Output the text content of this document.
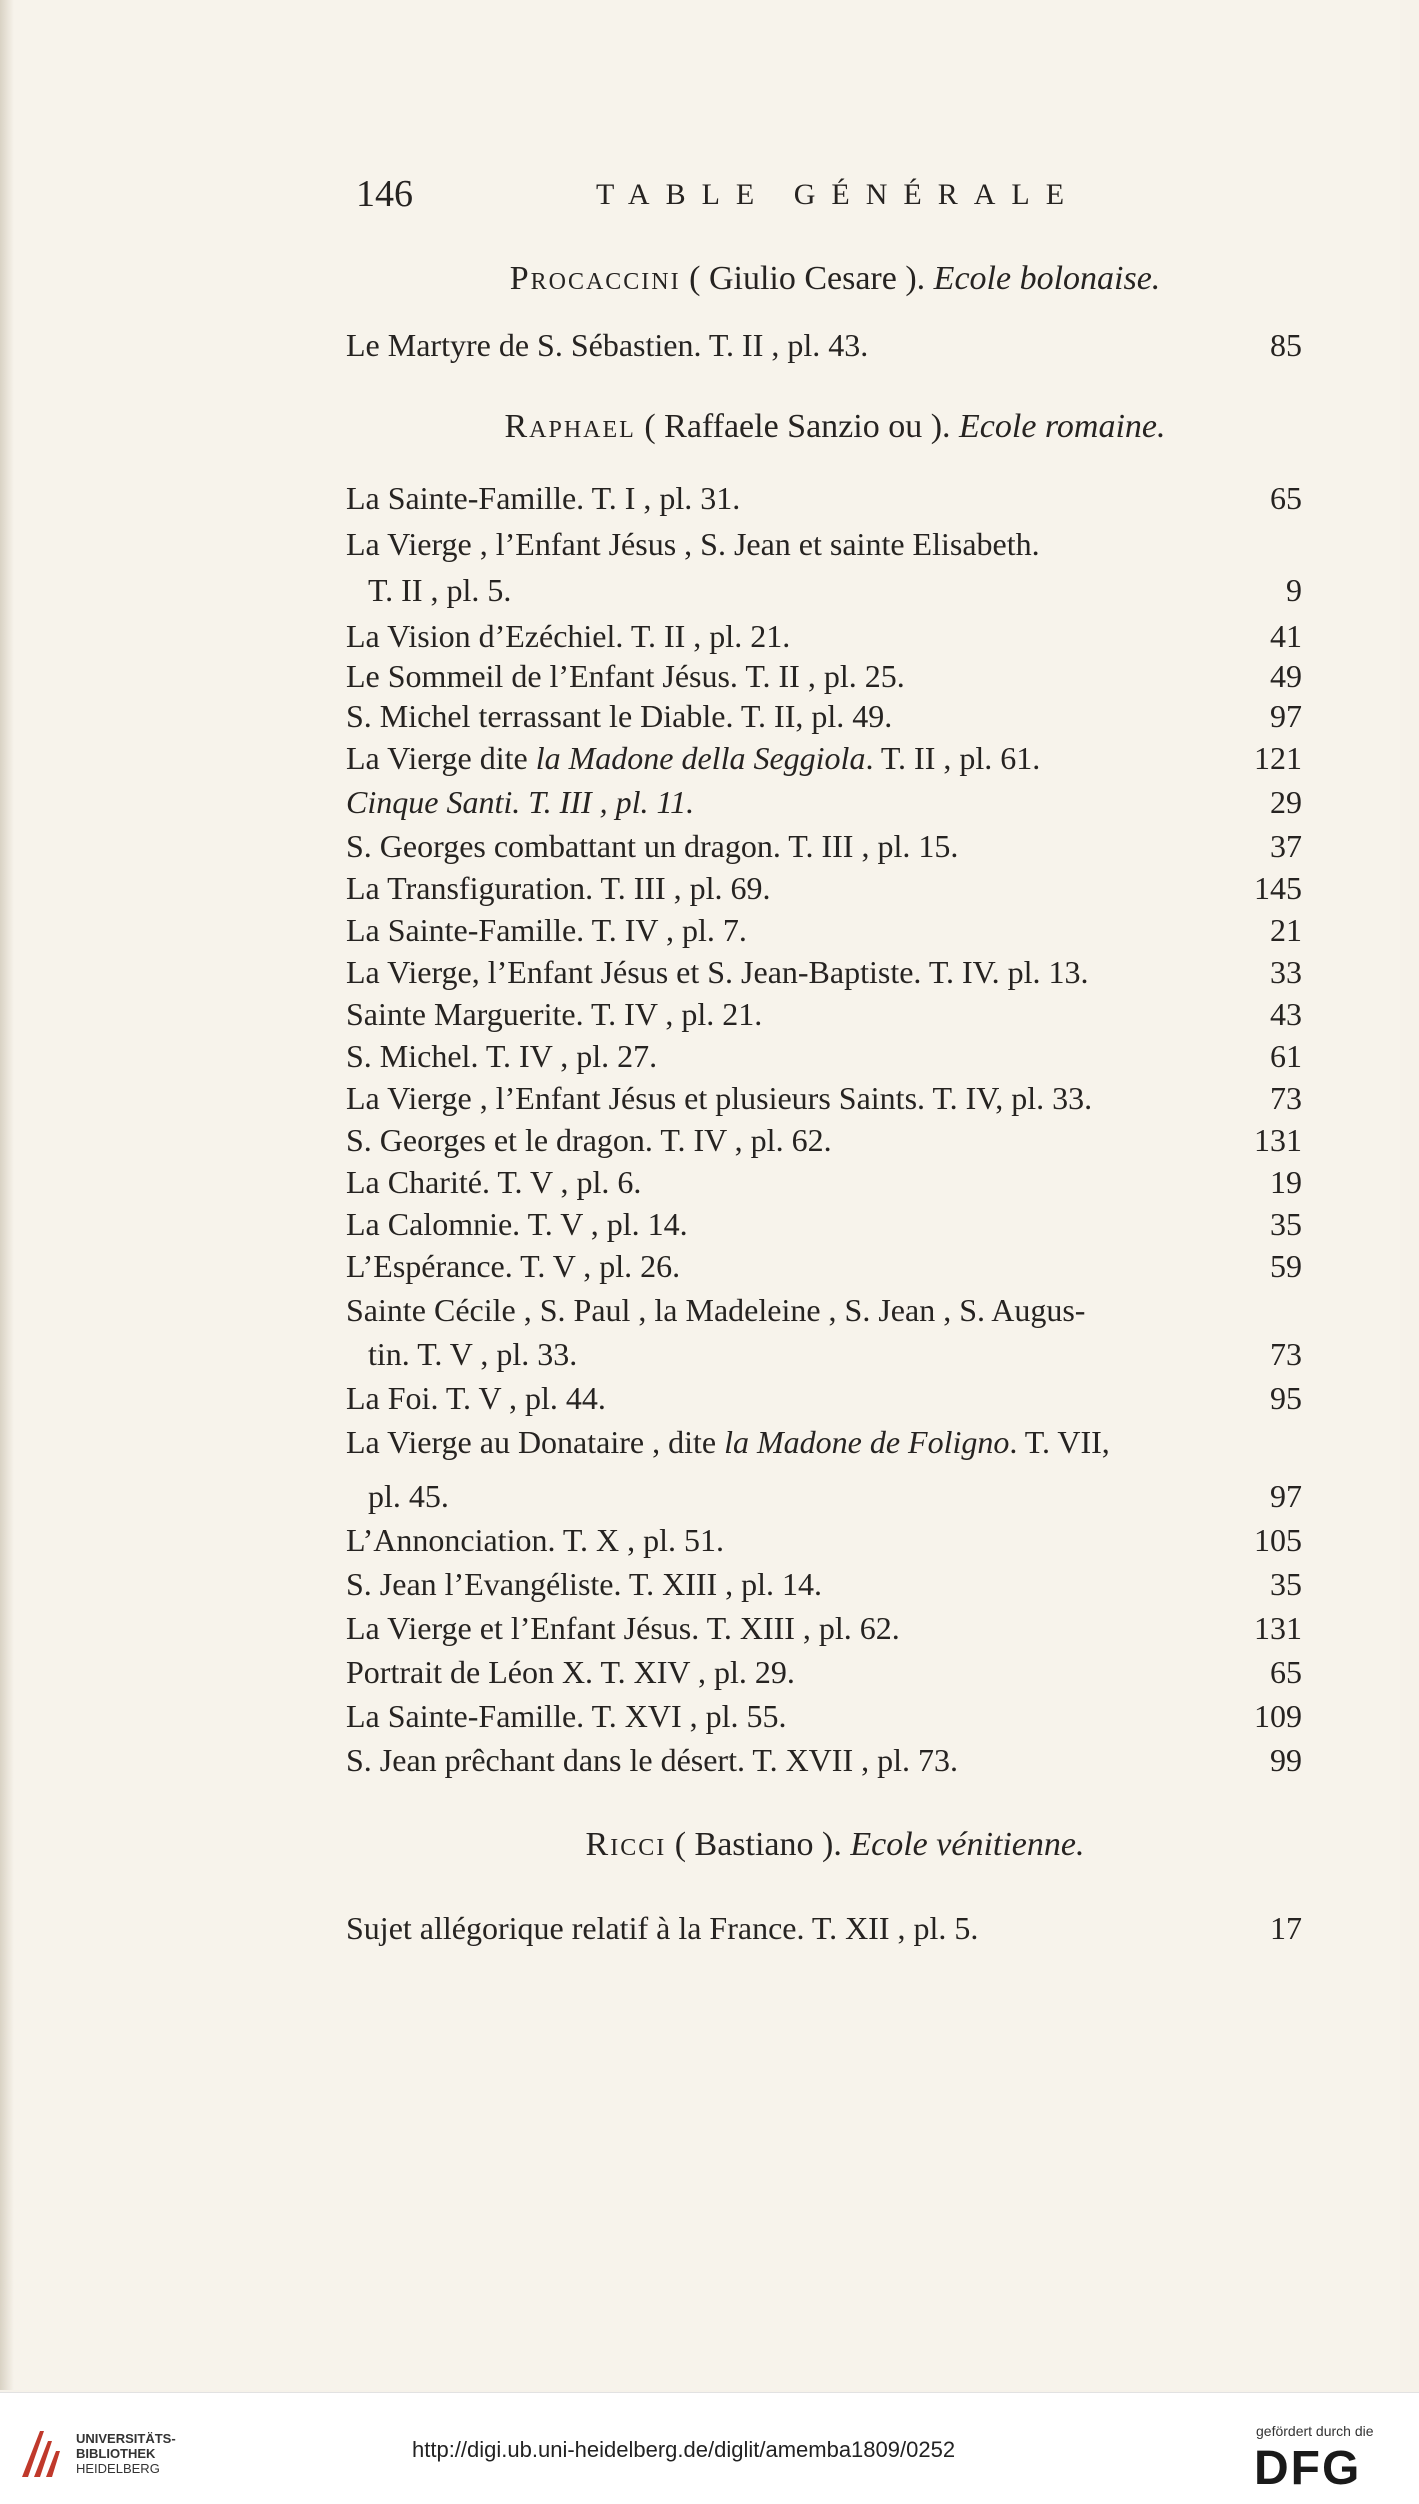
146	TABLE GÉNÉRALE
Procaccini ( Giulio Cesare ). Ecole bolonaise.
Le Martyre de S. Sébastien. T. II , pl. 43.	85
Raphael ( Raffaele Sanzio ou ). Ecole romaine.
La Sainte-Famille. T. I , pl. 31.	65
La Vierge , l’Enfant Jésus , S. Jean et sainte Elisabeth.
T. II , pl. 5.	9
La Vision d’Ezéchiel. T. II , pl. 21.	41
Le Sommeil de l’Enfant Jésus. T. II , pl. 25.	49
S. Michel terrassant le Diable. T. II, pl. 49.	97
La Vierge dite la Madone della Seggiola. T. II , pl. 61.	121
Cinque Santi. T. III , pl. 11.	29
S. Georges combattant un dragon. T. III , pl. 15.	37
La Transfiguration. T. III , pl. 69.	145
La Sainte-Famille. T. IV , pl. 7.	21
La Vierge, l’Enfant Jésus et S. Jean-Baptiste. T. IV. pl. 13.	33
Sainte Marguerite. T. IV , pl. 21.	43
S. Michel. T. IV , pl. 27.	61
La Vierge , l’Enfant Jésus et plusieurs Saints. T. IV, pl. 33.	73
S. Georges et le dragon. T. IV , pl. 62.	131
La Charité. T. V , pl. 6.	19
La Calomnie. T. V , pl. 14.	35
L’Espérance. T. V , pl. 26.	59
Sainte Cécile , S. Paul , la Madeleine , S. Jean , S. Augus-
tin. T. V , pl. 33.	73
La Foi. T. V , pl. 44.	95
La Vierge au Donataire , dite la Madone de Foligno. T. VII,
pl. 45.	97
L’Annonciation. T. X , pl. 51.	105
S. Jean l’Evangéliste. T. XIII , pl. 14.	35
La Vierge et l’Enfant Jésus. T. XIII , pl. 62.	131
Portrait de Léon X. T. XIV , pl. 29.	65
La Sainte-Famille. T. XVI , pl. 55.	109
S. Jean prêchant dans le désert. T. XVII , pl. 73.	99
Ricci ( Bastiano ). Ecole vénitienne.
Sujet allégorique relatif à la France. T. XII , pl. 5.	17
UNIVERSITÄTS-
BIBLIOTHEK
HEIDELBERG
http://digi.ub.uni-heidelberg.de/diglit/amemba1809/0252
gefördert durch die
DFG
